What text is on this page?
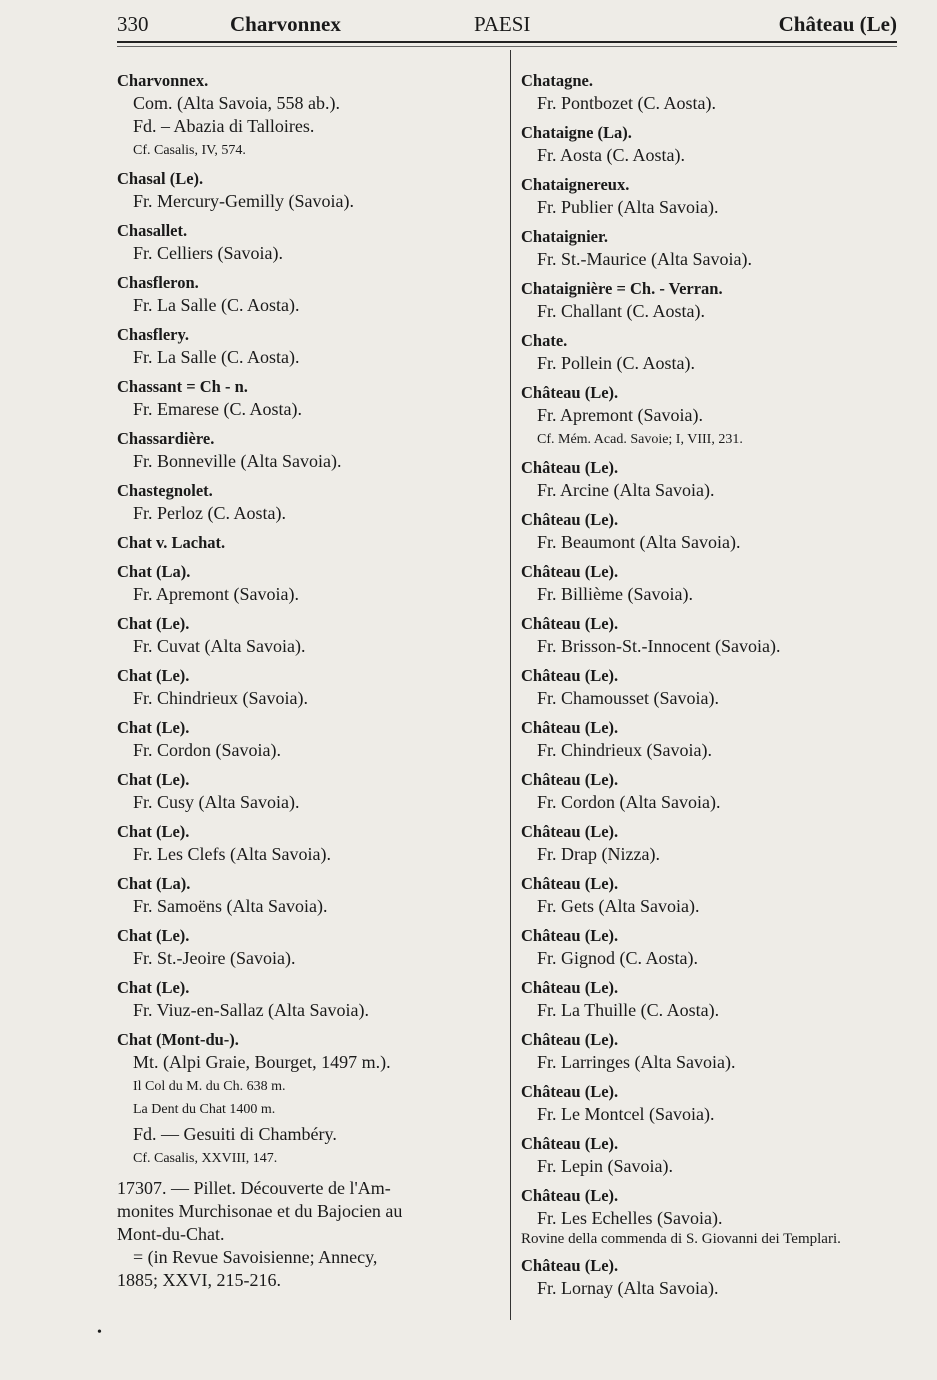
330	Charvonnex	PAESI	Château (Le)
Charvonnex.
Com. (Alta Savoia, 558 ab.).
Fd. – Abazia di Talloires.
Cf. Casalis, IV, 574.
Chasal (Le).
Fr. Mercury-Gemilly (Savoia).
Chasallet.
Fr. Celliers (Savoia).
Chasfleron.
Fr. La Salle (C. Aosta).
Chasflery.
Fr. La Salle (C. Aosta).
Chassant = Ch - n.
Fr. Emarese (C. Aosta).
Chassardière.
Fr. Bonneville (Alta Savoia).
Chastegnolet.
Fr. Perloz (C. Aosta).
Chat v. Lachat.
Chat (La).
Fr. Apremont (Savoia).
Chat (Le).
Fr. Cuvat (Alta Savoia).
Chat (Le).
Fr. Chindrieux (Savoia).
Chat (Le).
Fr. Cordon (Savoia).
Chat (Le).
Fr. Cusy (Alta Savoia).
Chat (Le).
Fr. Les Clefs (Alta Savoia).
Chat (La).
Fr. Samoëns (Alta Savoia).
Chat (Le).
Fr. St.-Jeoire (Savoia).
Chat (Le).
Fr. Viuz-en-Sallaz (Alta Savoia).
Chat (Mont-du-).
Mt. (Alpi Graie, Bourget, 1497 m.).
Il Col du M. du Ch. 638 m.
La Dent du Chat 1400 m.
Fd. — Gesuiti di Chambéry.
Cf. Casalis, XXVIII, 147.
17307. — Pillet. Découverte de l'Am-
monites Murchisonae et du Bajocien au
Mont-du-Chat.
= (in Revue Savoisienne; Annecy,
1885; XXVI, 215-216.
Chatagne.
Fr. Pontbozet (C. Aosta).
Chataigne (La).
Fr. Aosta (C. Aosta).
Chataignereux.
Fr. Publier (Alta Savoia).
Chataignier.
Fr. St.-Maurice (Alta Savoia).
Chataignière = Ch. - Verran.
Fr. Challant (C. Aosta).
Chate.
Fr. Pollein (C. Aosta).
Château (Le).
Fr. Apremont (Savoia).
Cf. Mém. Acad. Savoie; I, VIII, 231.
Château (Le).
Fr. Arcine (Alta Savoia).
Château (Le).
Fr. Beaumont (Alta Savoia).
Château (Le).
Fr. Billième (Savoia).
Château (Le).
Fr. Brisson-St.-Innocent (Savoia).
Château (Le).
Fr. Chamousset (Savoia).
Château (Le).
Fr. Chindrieux (Savoia).
Château (Le).
Fr. Cordon (Alta Savoia).
Château (Le).
Fr. Drap (Nizza).
Château (Le).
Fr. Gets (Alta Savoia).
Château (Le).
Fr. Gignod (C. Aosta).
Château (Le).
Fr. La Thuille (C. Aosta).
Château (Le).
Fr. Larringes (Alta Savoia).
Château (Le).
Fr. Le Montcel (Savoia).
Château (Le).
Fr. Lepin (Savoia).
Château (Le).
Fr. Les Echelles (Savoia).
Rovine della commenda di S. Giovanni dei Templari.
Château (Le).
Fr. Lornay (Alta Savoia).
•
